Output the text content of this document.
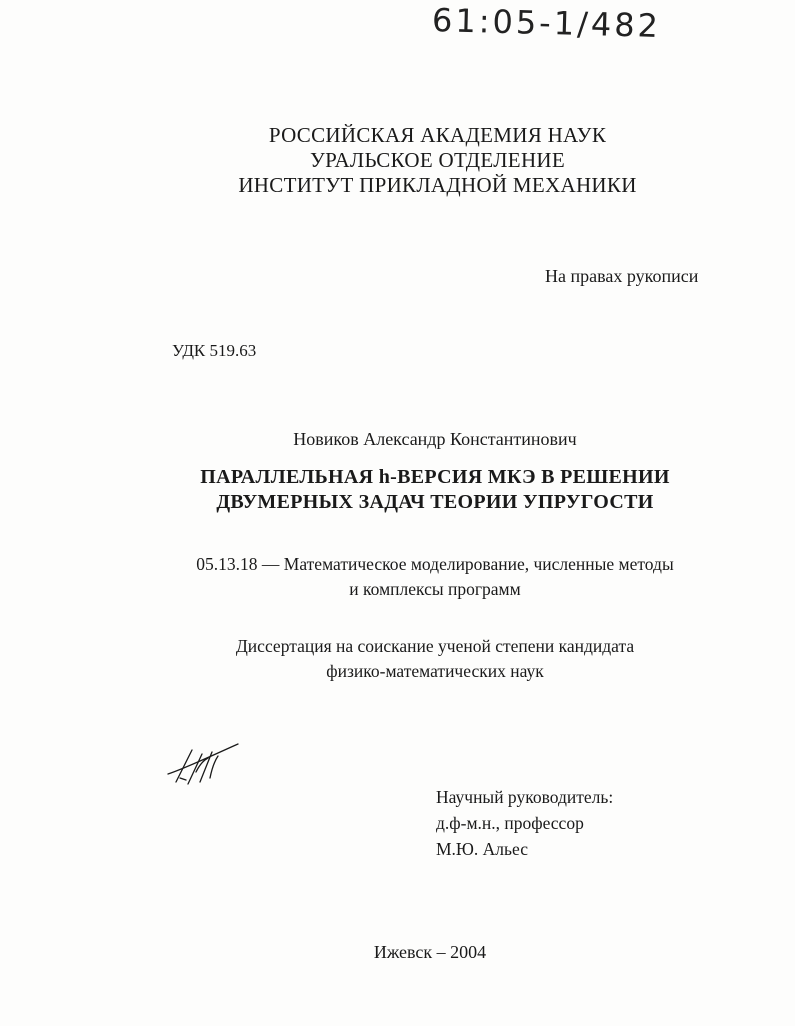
61:05-1/482
РОССИЙСКАЯ АКАДЕМИЯ НАУК
УРАЛЬСКОЕ ОТДЕЛЕНИЕ
ИНСТИТУТ ПРИКЛАДНОЙ МЕХАНИКИ
На правах рукописи
УДК 519.63
Новиков Александр Константинович
ПАРАЛЛЕЛЬНАЯ h-ВЕРСИЯ МКЭ В РЕШЕНИИ
ДВУМЕРНЫХ ЗАДАЧ ТЕОРИИ УПРУГОСТИ
05.13.18 — Математическое моделирование, численные методы
и комплексы программ
Диссертация на соискание ученой степени кандидата
физико-математических наук
Научный руководитель:
д.ф-м.н., профессор
М.Ю. Альес
Ижевск – 2004
